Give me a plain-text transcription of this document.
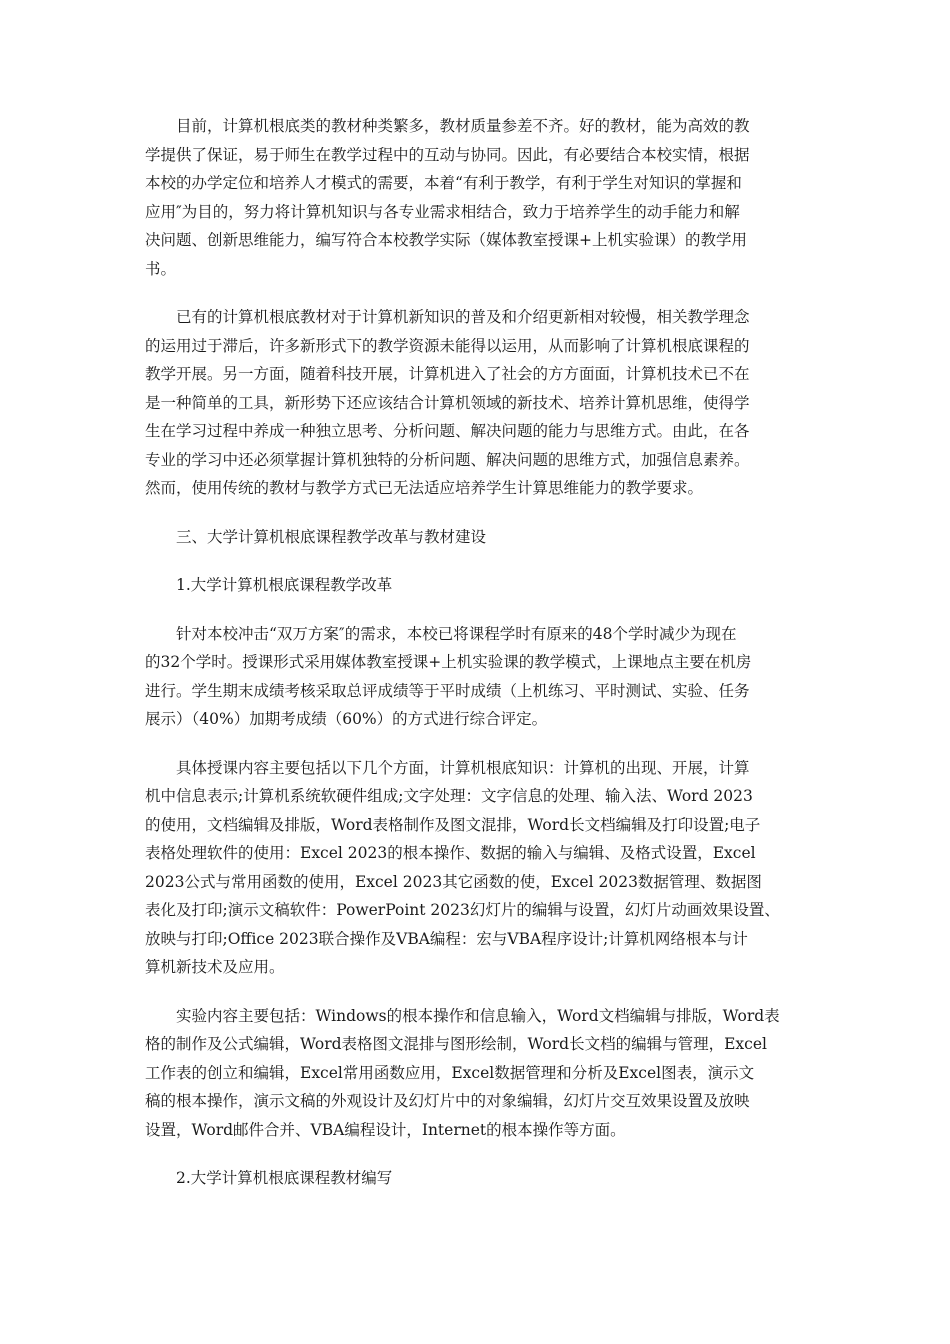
目前，计算机根底类的教材种类繁多，教材质量参差不齐。好的教材，能为高效的教
学提供了保证，易于师生在教学过程中的互动与协同。因此，有必要结合本校实情，根据
本校的办学定位和培养人才模式的需要，本着“有利于教学，有利于学生对知识的掌握和
应用″为目的，努力将计算机知识与各专业需求相结合，致力于培养学生的动手能力和解
决问题、创新思维能力，编写符合本校教学实际（媒体教室授课+上机实验课）的教学用
书。

已有的计算机根底教材对于计算机新知识的普及和介绍更新相对较慢，相关教学理念
的运用过于滞后，许多新形式下的教学资源未能得以运用，从而影响了计算机根底课程的
教学开展。另一方面，随着科技开展，计算机进入了社会的方方面面，计算机技术已不在
是一种简单的工具，新形势下还应该结合计算机领域的新技术、培养计算机思维，使得学
生在学习过程中养成一种独立思考、分析问题、解决问题的能力与思维方式。由此，在各
专业的学习中还必须掌握计算机独特的分析问题、解决问题的思维方式，加强信息素养。
然而，使用传统的教材与教学方式已无法适应培养学生计算思维能力的教学要求。

三、大学计算机根底课程教学改革与教材建设

1.大学计算机根底课程教学改革

针对本校冲击“双万方案″的需求，本校已将课程学时有原来的48个学时减少为现在
的32个学时。授课形式采用媒体教室授课+上机实验课的教学模式，上课地点主要在机房
进行。学生期末成绩考核采取总评成绩等于平时成绩（上机练习、平时测试、实验、任务
展示）（40%）加期考成绩（60%）的方式进行综合评定。

具体授课内容主要包括以下几个方面，计算机根底知识：计算机的出现、开展，计算
机中信息表示;计算机系统软硬件组成;文字处理：文字信息的处理、输入法、Word 2023
的使用，文档编辑及排版，Word表格制作及图文混排，Word长文档编辑及打印设置;电子
表格处理软件的使用：Excel 2023的根本操作、数据的输入与编辑、及格式设置，Excel
2023公式与常用函数的使用，Excel 2023其它函数的使，Excel 2023数据管理、数据图
表化及打印;演示文稿软件：PowerPoint 2023幻灯片的编辑与设置，幻灯片动画效果设置、
放映与打印;Office 2023联合操作及VBA编程：宏与VBA程序设计;计算机网络根本与计
算机新技术及应用。

实验内容主要包括：Windows的根本操作和信息输入，Word文档编辑与排版，Word表
格的制作及公式编辑，Word表格图文混排与图形绘制，Word长文档的编辑与管理，Excel
工作表的创立和编辑，Excel常用函数应用，Excel数据管理和分析及Excel图表，演示文
稿的根本操作，演示文稿的外观设计及幻灯片中的对象编辑，幻灯片交互效果设置及放映
设置，Word邮件合并、VBA编程设计，Internet的根本操作等方面。

2.大学计算机根底课程教材编写
